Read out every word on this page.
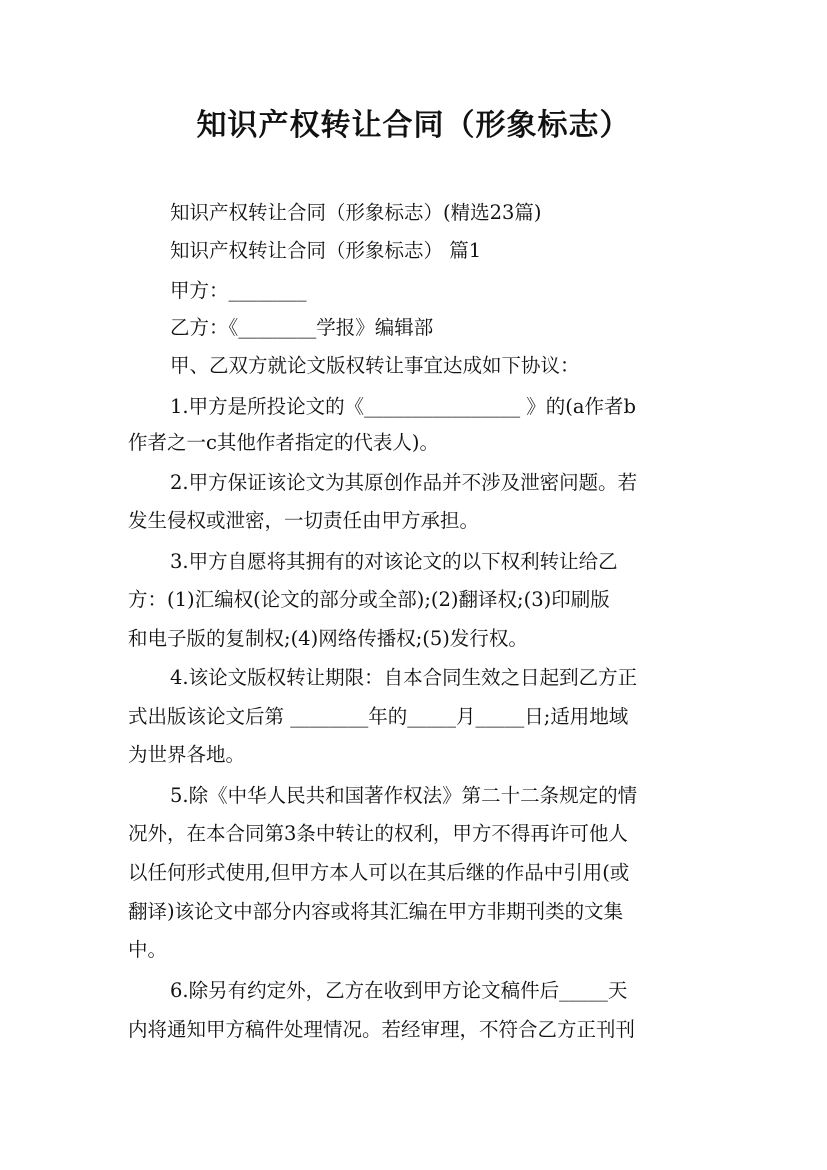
知识产权转让合同（形象标志）

知识产权转让合同（形象标志）(精选23篇)

知识产权转让合同（形象标志） 篇1

甲方：________

乙方：《________学报》编辑部

甲、乙双方就论文版权转让事宜达成如下协议：

1.甲方是所投论文的《________________ 》的(a作者b

作者之一c其他作者指定的代表人)。

2.甲方保证该论文为其原创作品并不涉及泄密问题。若

发生侵权或泄密，一切责任由甲方承担。

3.甲方自愿将其拥有的对该论文的以下权利转让给乙

方：(1)汇编权(论文的部分或全部);(2)翻译权;(3)印刷版

和电子版的复制权;(4)网络传播权;(5)发行权。

4.该论文版权转让期限：自本合同生效之日起到乙方正

式出版该论文后第 ________年的_____月_____日;适用地域

为世界各地。

5.除《中华人民共和国著作权法》第二十二条规定的情

况外，在本合同第3条中转让的权利，甲方不得再许可他人

以任何形式使用,但甲方本人可以在其后继的作品中引用(或

翻译)该论文中部分内容或将其汇编在甲方非期刊类的文集

中。

6.除另有约定外，乙方在收到甲方论文稿件后_____天

内将通知甲方稿件处理情况。若经审理，不符合乙方正刊刊
